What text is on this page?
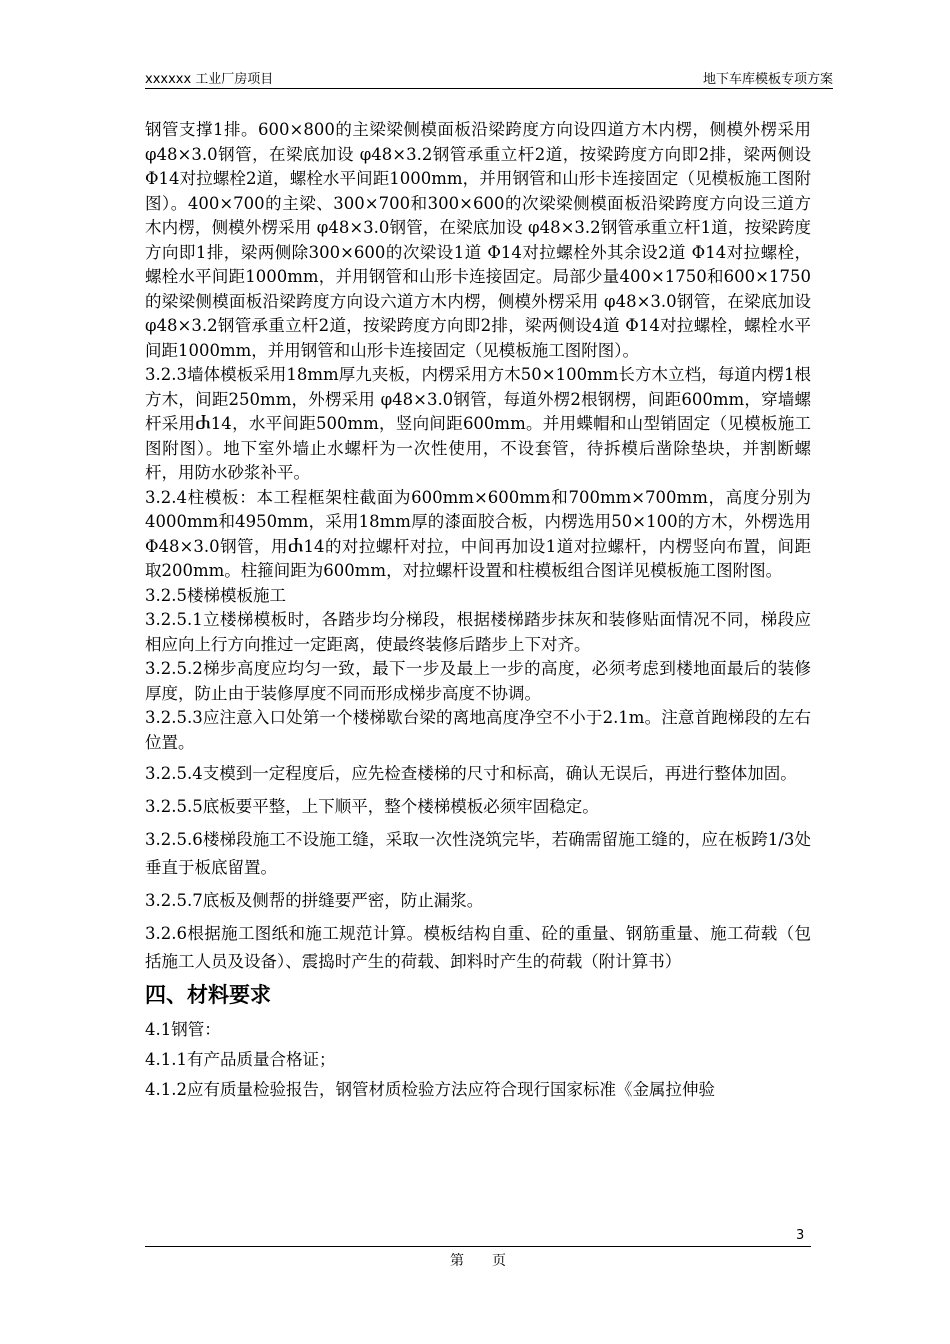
xxxxxx 工业厂房项目	地下车库模板专项方案

钢管支撑1排。600×800的主梁梁侧模面板沿梁跨度方向设四道方木内楞，侧模外楞采用 φ48×3.0钢管，在梁底加设 φ48×3.2钢管承重立杆2道，按梁跨度方向即2排，梁两侧设 Φ14对拉螺栓2道，螺栓水平间距1000mm，并用钢管和山形卡连接固定（见模板施工图附图）。400×700的主梁、300×700和300×600的次梁梁侧模面板沿梁跨度方向设三道方木内楞，侧模外楞采用 φ48×3.0钢管，在梁底加设 φ48×3.2钢管承重立杆1道，按梁跨度方向即1排，梁两侧除300×600的次梁设1道 Φ14对拉螺栓外其余设2道 Φ14对拉螺栓，螺栓水平间距1000mm，并用钢管和山形卡连接固定。局部少量400×1750和600×1750的梁梁侧模面板沿梁跨度方向设六道方木内楞，侧模外楞采用 φ48×3.0钢管，在梁底加设 φ48×3.2钢管承重立杆2道，按梁跨度方向即2排，梁两侧设4道 Φ14对拉螺栓，螺栓水平间距1000mm，并用钢管和山形卡连接固定（见模板施工图附图）。

3.2.3墙体模板采用18mm厚九夹板，内楞采用方木50×100mm长方木立档，每道内楞1根方木，间距250mm，外楞采用 φ48×3.0钢管，每道外楞2根钢楞，间距600mm，穿墙螺杆采用Ⴛ14，水平间距500mm，竖向间距600mm。并用蝶帽和山型销固定（见模板施工图附图）。地下室外墙止水螺杆为一次性使用，不设套管，待拆模后凿除垫块，并割断螺杆，用防水砂浆补平。

3.2.4柱模板：本工程框架柱截面为600mm×600mm和700mm×700mm，高度分别为4000mm和4950mm，采用18mm厚的漆面胶合板，内楞选用50×100的方木，外楞选用 Φ48×3.0钢管，用Ⴛ14的对拉螺杆对拉，中间再加设1道对拉螺杆，内楞竖向布置，间距取200mm。柱箍间距为600mm，对拉螺杆设置和柱模板组合图详见模板施工图附图。

3.2.5楼梯模板施工

3.2.5.1立楼梯模板时，各踏步均分梯段，根据楼梯踏步抹灰和装修贴面情况不同，梯段应相应向上行方向推过一定距离，使最终装修后踏步上下对齐。

3.2.5.2梯步高度应均匀一致，最下一步及最上一步的高度，必须考虑到楼地面最后的装修厚度，防止由于装修厚度不同而形成梯步高度不协调。

3.2.5.3应注意入口处第一个楼梯歇台梁的离地高度净空不小于2.1m。注意首跑梯段的左右位置。

3.2.5.4支模到一定程度后，应先检查楼梯的尺寸和标高，确认无误后，再进行整体加固。

3.2.5.5底板要平整，上下顺平，整个楼梯模板必须牢固稳定。

3.2.5.6楼梯段施工不设施工缝，采取一次性浇筑完毕，若确需留施工缝的，应在板跨1/3处垂直于板底留置。

3.2.5.7底板及侧帮的拼缝要严密，防止漏浆。

3.2.6根据施工图纸和施工规范计算。模板结构自重、砼的重量、钢筋重量、施工荷载（包括施工人员及设备）、震捣时产生的荷载、卸料时产生的荷载（附计算书）

四、材料要求

4.1钢管：

4.1.1有产品质量合格证；

4.1.2应有质量检验报告，钢管材质检验方法应符合现行国家标准《金属拉伸验

3
第 页
